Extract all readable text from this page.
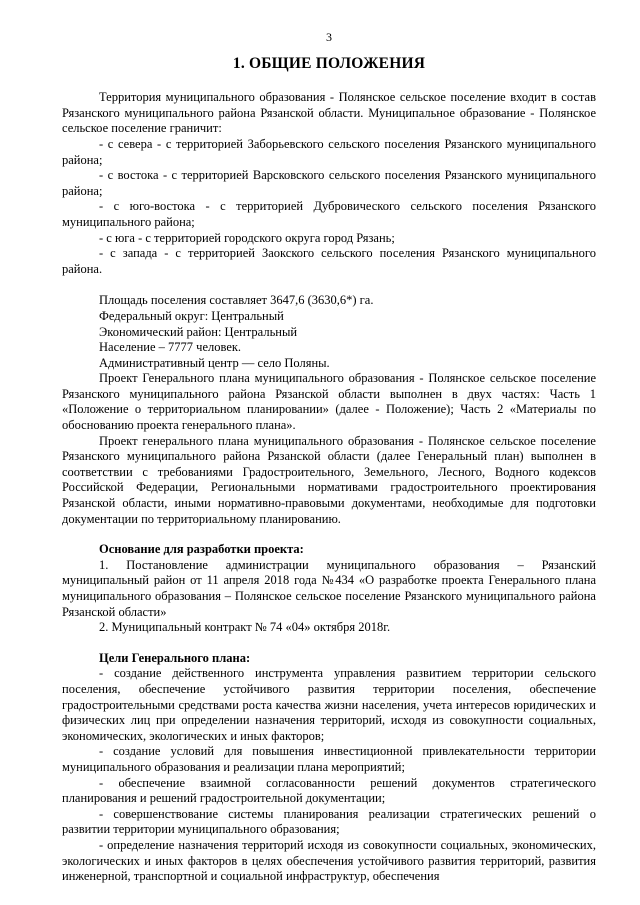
3
1. ОБЩИЕ ПОЛОЖЕНИЯ

Территория муниципального образования - Полянское сельское поселение входит в состав Рязанского муниципального района Рязанской области. Муниципальное образование - Полянское сельское поселение граничит:

- с севера - с территорией Заборьевского сельского поселения Рязанского муниципального района;

- с востока - с территорией Варсковского сельского поселения Рязанского муниципального района;

- с юго-востока - с территорией Дубровического сельского поселения Рязанского муниципального района;

- с юга - с территорией городского округа город Рязань;

- с запада - с территорией Заокского сельского поселения Рязанского муниципального района.

Площадь поселения составляет 3647,6 (3630,6*) га.

Федеральный округ: Центральный

Экономический район: Центральный

Население – 7777 человек.

Административный центр — село Поляны.

Проект Генерального плана муниципального образования - Полянское сельское поселение Рязанского муниципального района Рязанской области выполнен в двух частях: Часть 1 «Положение о территориальном планировании» (далее - Положение); Часть 2 «Материалы по обоснованию проекта генерального плана».

Проект генерального плана муниципального образования - Полянское сельское поселение Рязанского муниципального района Рязанской области (далее Генеральный план) выполнен в соответствии с требованиями Градостроительного, Земельного, Лесного, Водного кодексов Российской Федерации, Региональными нормативами градостроительного проектирования Рязанской области, иными нормативно-правовыми документами, необходимые для подготовки документации по территориальному планированию.

Основание для разработки проекта:

1. Постановление администрации муниципального образования – Рязанский муниципальный район от 11 апреля 2018 года №434 «О разработке проекта Генерального плана муниципального образования – Полянское сельское поселение Рязанского муниципального района Рязанской области»

2. Муниципальный контракт № 74 «04» октября 2018г.

Цели Генерального плана:

- создание действенного инструмента управления развитием территории сельского поселения, обеспечение устойчивого развития территории поселения, обеспечение градостроительными средствами роста качества жизни населения, учета интересов юридических и физических лиц при определении назначения территорий, исходя из совокупности социальных, экономических, экологических и иных факторов;

- создание условий для повышения инвестиционной привлекательности территории муниципального образования и реализации плана мероприятий;

- обеспечение взаимной согласованности решений документов стратегического планирования и решений градостроительной документации;

- совершенствование системы планирования реализации стратегических решений о развитии территории муниципального образования;

- определение назначения территорий исходя из совокупности социальных, экономических, экологических и иных факторов в целях обеспечения устойчивого развития территорий, развития инженерной, транспортной и социальной инфраструктур, обеспечения
